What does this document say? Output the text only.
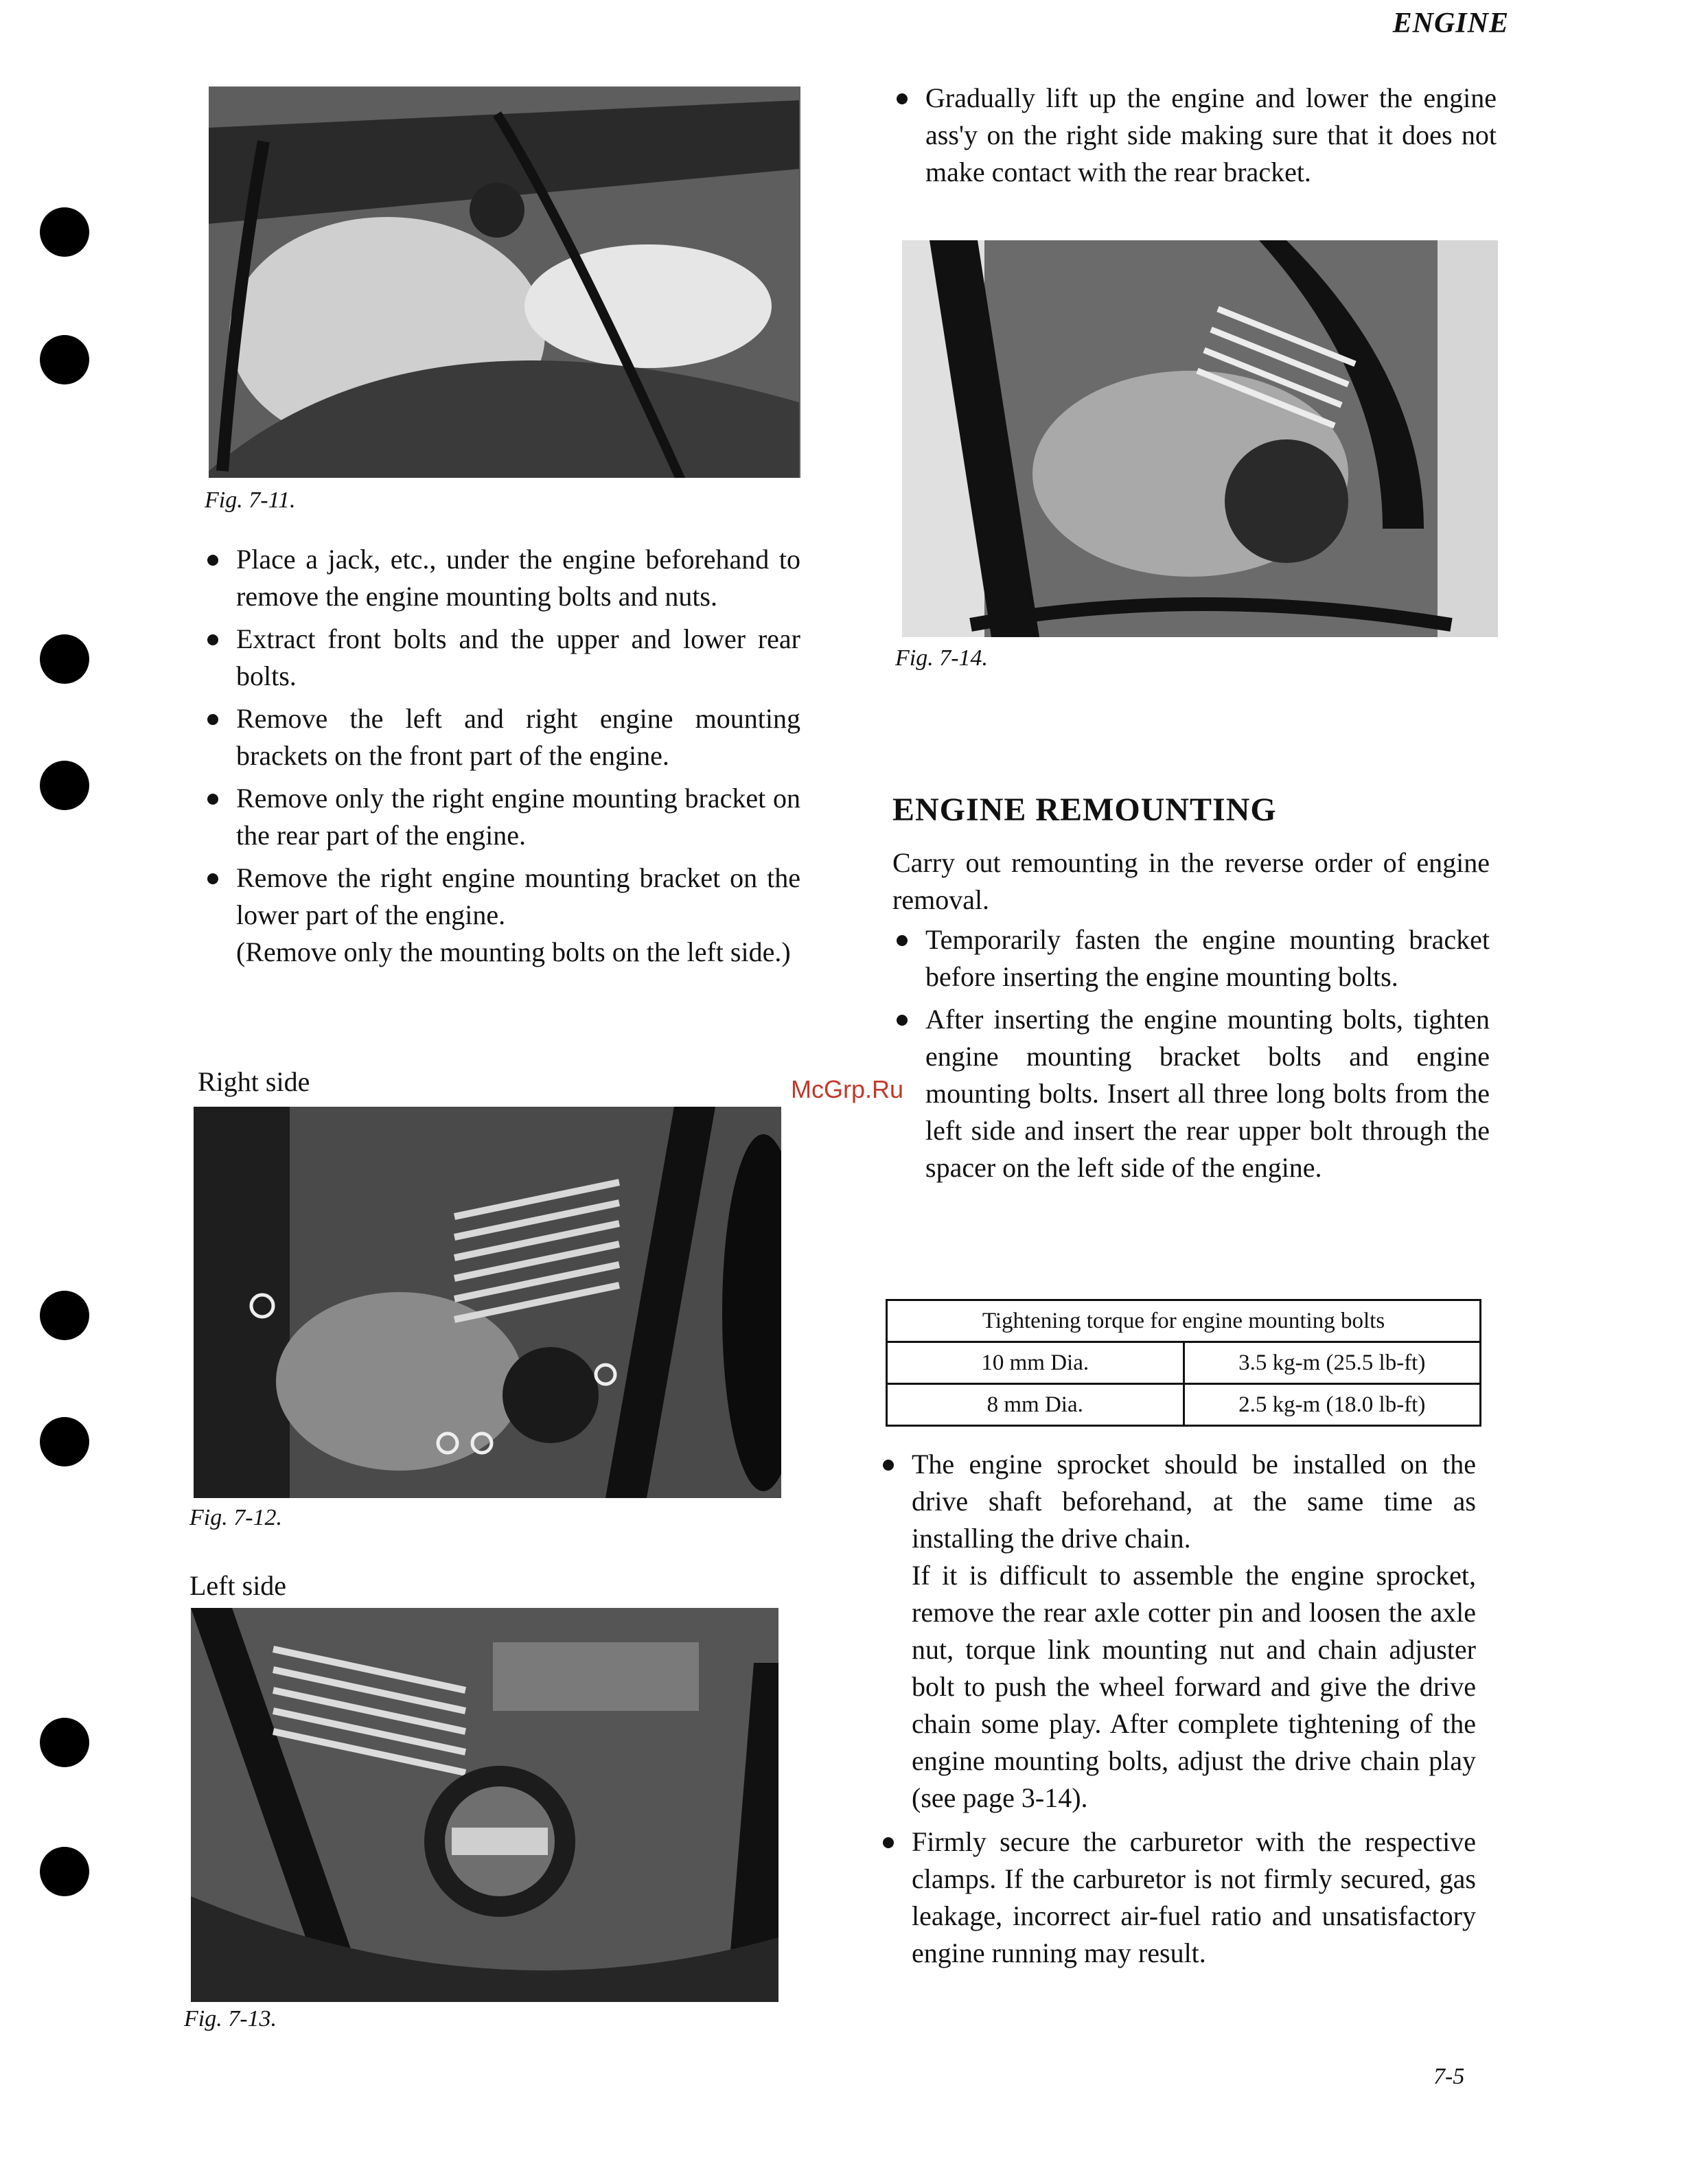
ENGINE
Fig. 7-11.
Place a jack, etc., under the engine beforehand to remove the engine mounting bolts and nuts.
Extract front bolts and the upper and lower rear bolts.
Remove the left and right engine mounting brackets on the front part of the engine.
Remove only the right engine mounting bracket on the rear part of the engine.
Remove the right engine mounting bracket on the lower part of the engine.
(Remove only the mounting bolts on the left side.)
Right side
Fig. 7-12.
Left side
Fig. 7-13.
Gradually lift up the engine and lower the engine ass'y on the right side making sure that it does not make contact with the rear bracket.
Fig. 7-14.
ENGINE REMOUNTING
Carry out remounting in the reverse order of engine removal.
Temporarily fasten the engine mounting bracket before inserting the engine mounting bolts.
After inserting the engine mounting bolts, tighten engine mounting bracket bolts and engine mounting bolts. Insert all three long bolts from the left side and insert the rear upper bolt through the spacer on the left side of the engine.
McGrp.Ru
Tightening torque for engine mounting bolts	
10 mm Dia.	3.5 kg-m (25.5 lb-ft)
8 mm Dia.	2.5 kg-m (18.0 lb-ft)
The engine sprocket should be installed on the drive shaft beforehand, at the same time as installing the drive chain.
If it is difficult to assemble the engine sprocket, remove the rear axle cotter pin and loosen the axle nut, torque link mounting nut and chain adjuster bolt to push the wheel forward and give the drive chain some play. After complete tightening of the engine mounting bolts, adjust the drive chain play (see page 3-14).
Firmly secure the carburetor with the respective clamps. If the carburetor is not firmly secured, gas leakage, incorrect air-fuel ratio and unsatisfactory engine running may result.
7-5
